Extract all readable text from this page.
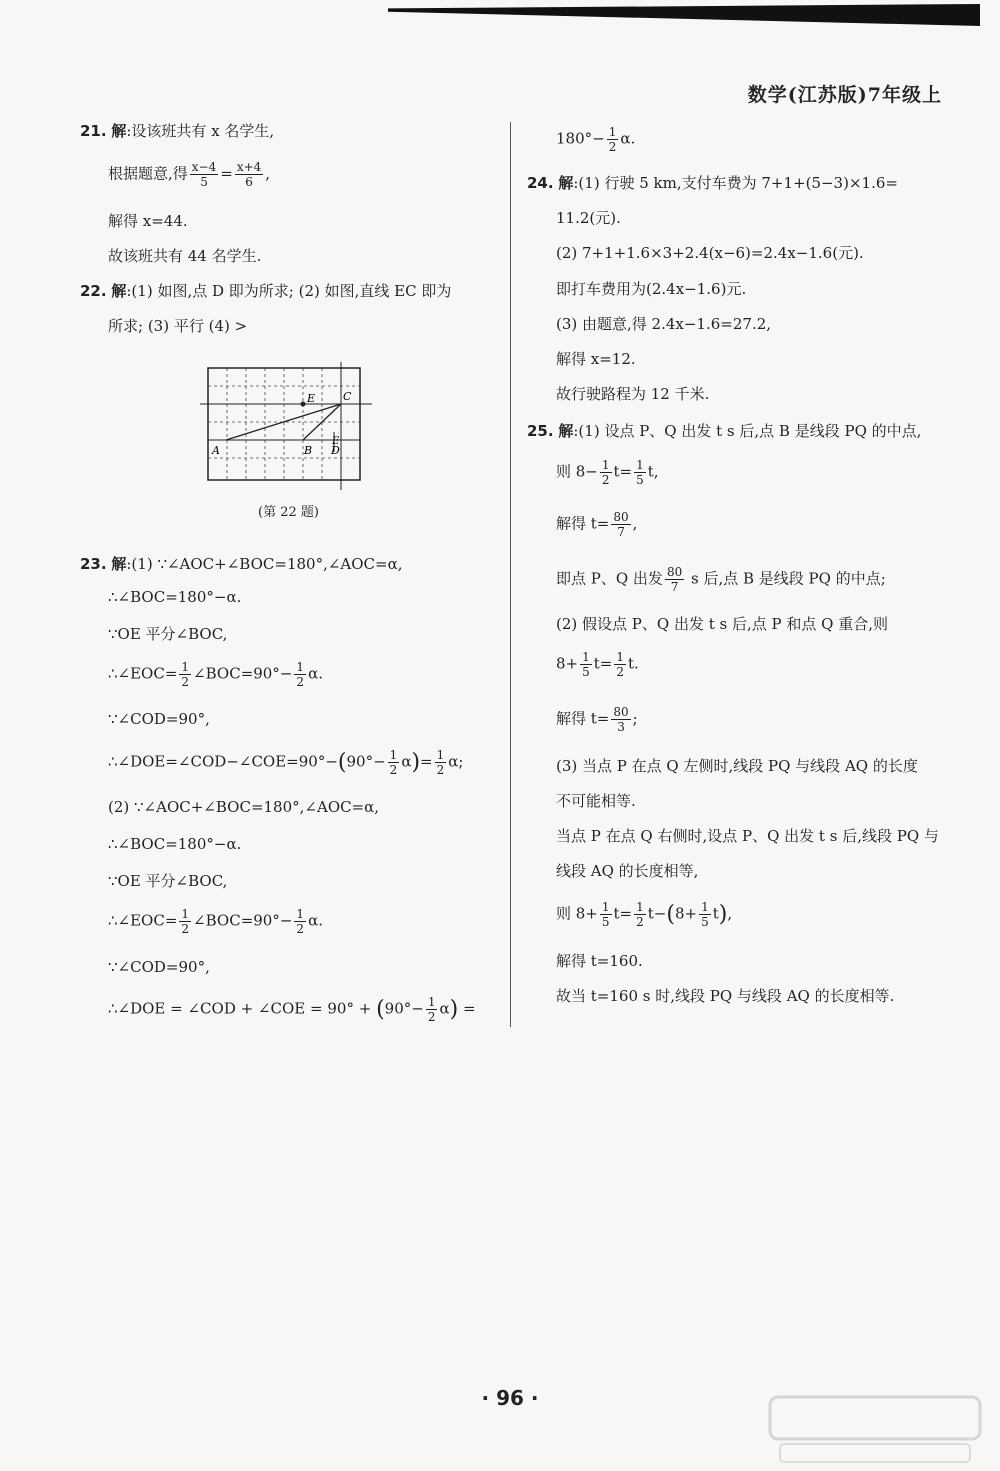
数学(江苏版)7年级上
21. 解:设该班共有 x 名学生,
根据题意,得 $\frac{x-4}{5} = \frac{x+4}{6}$ ,
解得 x=44.
故该班共有 44 名学生.
22. 解:(1) 如图,点 D 即为所求; (2) 如图,直线 EC 即为
所求; (3) 平行 (4) >
A	B
C
D
E
E
(第 22 题)
23. 解:(1) ∵∠AOC+∠BOC=180°,∠AOC=α,
∴∠BOC=180°−α.
∵OE 平分∠BOC,
∴∠EOC= $\frac{1}{2}$ ∠BOC=90°− $\frac{1}{2} \alpha$.
∵∠COD=90°,
∴∠DOE=∠COD−∠COE=90°−(90°− $\frac{1}{2} \alpha)= \frac{1}{2} \alpha$;
(2) ∵∠AOC+∠BOC=180°,∠AOC=α,
∴∠BOC=180°−α.
∵OE 平分∠BOC,
∴∠EOC= $\frac{1}{2}$ ∠BOC=90°− $\frac{1}{2} \alpha$.
∵∠COD=90°,
∴∠DOE = ∠COD + ∠COE = $90^\circ + (90^\circ- \frac{1}{2} \alpha)$ =
$180^\circ- \frac{1}{2} \alpha$.
24. 解:(1) 行驶 5 km,支付车费为 7+1+(5−3)×1.6=
11.2(元).
(2) 7+1+1.6×3+2.4(x−6)=2.4x−1.6(元).
即打车费用为(2.4x−1.6)元.
(3) 由题意,得 2.4x−1.6=27.2,
解得 x=12.
故行驶路程为 12 千米.
25. 解:(1) 设点 P、Q 出发 t s 后,点 B 是线段 PQ 的中点,
则 $8- \frac{1}{2} t= \frac{1}{5} t$,
解得 $t= \frac{80}{7}$ ,
即点 P、Q 出发 $\frac{80}{7}$ s 后,点 B 是线段 PQ 的中点;
(2) 假设点 P、Q 出发 t s 后,点 P 和点 Q 重合,则
$8+ \frac{1}{5} t= \frac{1}{2} t$.
解得 $t= \frac{80}{3}$ ;
(3) 当点 P 在点 Q 左侧时,线段 PQ 与线段 AQ 的长度
不可能相等.
当点 P 在点 Q 右侧时,设点 P、Q 出发 t s 后,线段 PQ 与
线段 AQ 的长度相等,
则 $8+ \frac{1}{5} t= \frac{1}{2} t-(8+ \frac{1}{5} t)$,
解得 t=160.
故当 t=160 s 时,线段 PQ 与线段 AQ 的长度相等.
· 96 ·
